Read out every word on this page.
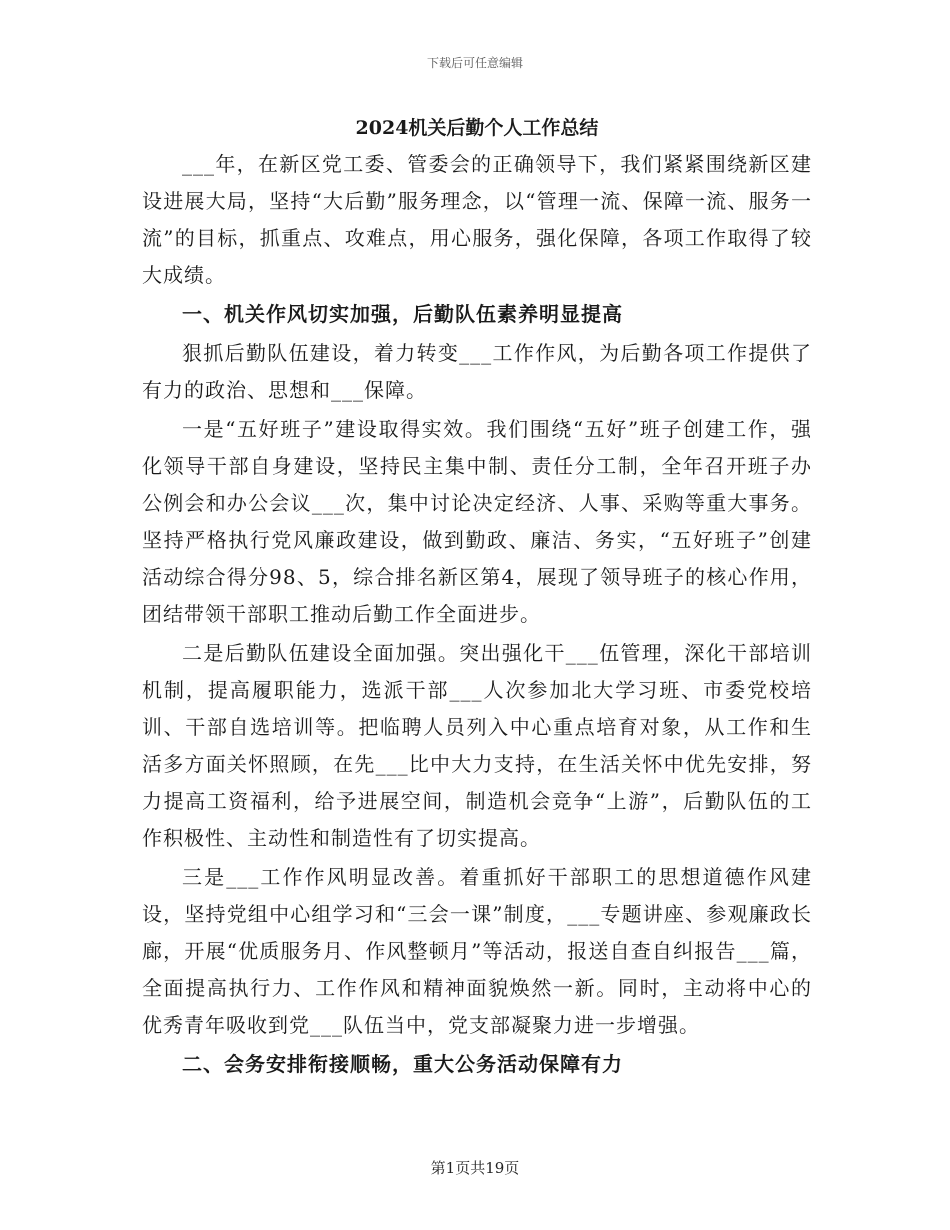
下载后可任意编辑
2024机关后勤个人工作总结

___年，在新区党工委、管委会的正确领导下，我们紧紧围绕新区建设进展大局，坚持“大后勤”服务理念，以“管理一流、保障一流、服务一流”的目标，抓重点、攻难点，用心服务，强化保障，各项工作取得了较大成绩。

一、机关作风切实加强，后勤队伍素养明显提高

狠抓后勤队伍建设，着力转变___工作作风，为后勤各项工作提供了有力的政治、思想和___保障。

一是“五好班子”建设取得实效。我们围绕“五好”班子创建工作，强化领导干部自身建设，坚持民主集中制、责任分工制，全年召开班子办公例会和办公会议___次，集中讨论决定经济、人事、采购等重大事务。坚持严格执行党风廉政建设，做到勤政、廉洁、务实，“五好班子”创建活动综合得分98、5，综合排名新区第4，展现了领导班子的核心作用，团结带领干部职工推动后勤工作全面进步。

二是后勤队伍建设全面加强。突出强化干___伍管理，深化干部培训机制，提高履职能力，选派干部___人次参加北大学习班、市委党校培训、干部自选培训等。把临聘人员列入中心重点培育对象，从工作和生活多方面关怀照顾，在先___比中大力支持，在生活关怀中优先安排，努力提高工资福利，给予进展空间，制造机会竞争“上游”，后勤队伍的工作积极性、主动性和制造性有了切实提高。

三是___工作作风明显改善。着重抓好干部职工的思想道德作风建设，坚持党组中心组学习和“三会一课”制度，___专题讲座、参观廉政长廊，开展“优质服务月、作风整顿月”等活动，报送自查自纠报告___篇，全面提高执行力、工作作风和精神面貌焕然一新。同时，主动将中心的优秀青年吸收到党___队伍当中，党支部凝聚力进一步增强。

二、会务安排衔接顺畅，重大公务活动保障有力

第1页共19页
